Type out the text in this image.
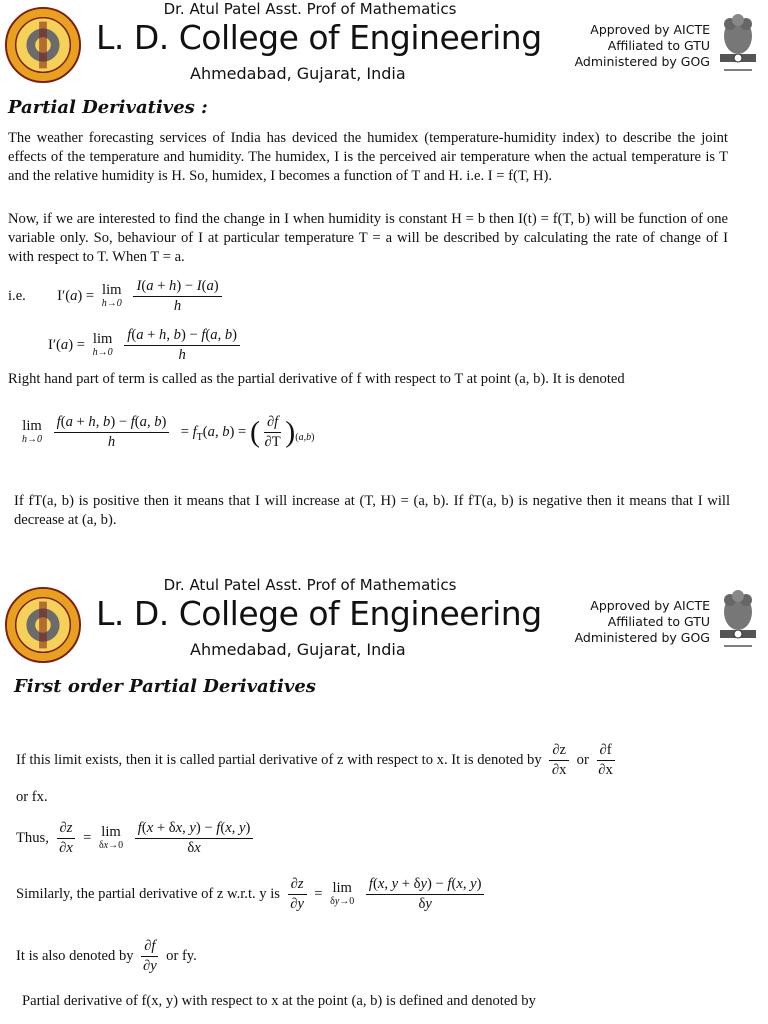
Dr. Atul Patel Asst. Prof of Mathematics
L. D. College of Engineering
Ahmedabad, Gujarat, India
Approved by AICTE
Affiliated to GTU
Administered by GOG
Partial Derivatives :
The weather forecasting services of India has deviced the humidex (temperature-humidity index) to describe the joint effects of the temperature and humidity. The humidex, I is the perceived air temperature when the actual temperature is T and the relative humidity is H. So, humidex, I becomes a function of T and H. i.e. I = f(T, H).
Now, if we are interested to find the change in I when humidity is constant H = b then I(t) = f(T, b) will be function of one variable only. So, behaviour of I at particular temperature T = a will be described by calculating the rate of change of I with respect to T. When T = a.
i.e. I′(a) = lim
h→0
$\frac{I(a + h) - I(a)}{h}$
I′(a) = lim
h→0
$\frac{f(a + h, b) - f(a, b)}{h}$
Right hand part of term is called as the partial derivative of f with respect to T at point (a, b). It is denoted
lim
h→0
$\frac{f(a + h, b) - f(a, b)}{h} = f_T(a$, b) = ( $\frac{\partial f}{\partial T} )_{(a,b)}$
If fT(a, b) is positive then it means that I will increase at (T, H) = (a, b). If fT(a, b) is negative then it means that I will decrease at (a, b).
Dr. Atul Patel Asst. Prof of Mathematics
L. D. College of Engineering
Ahmedabad, Gujarat, India
Approved by AICTE
Affiliated to GTU
Administered by GOG
First order Partial Derivatives
If this limit exists, then it is called partial derivative of z with respect to x. It is denoted by $\frac{\partial z}{\partial x}$ or $\frac{\partial f}{\partial x}$
or fx.
Thus, $\frac{\partial z}{\partial x} = \lim$
δx→0
$\frac{f(x + \delta x, y) - f(x, y)}{\delta x}$
Similarly, the partial derivative of z w.r.t. y is $\frac{\partial z}{\partial y} = \lim$
δy→0
$\frac{f(x, y + \delta y) - f(x, y)}{\delta y}$
It is also denoted by $\frac{\partial f}{\partial y}$ or fy.
Partial derivative of f(x, y) with respect to x at the point (a, b) is defined and denoted by
